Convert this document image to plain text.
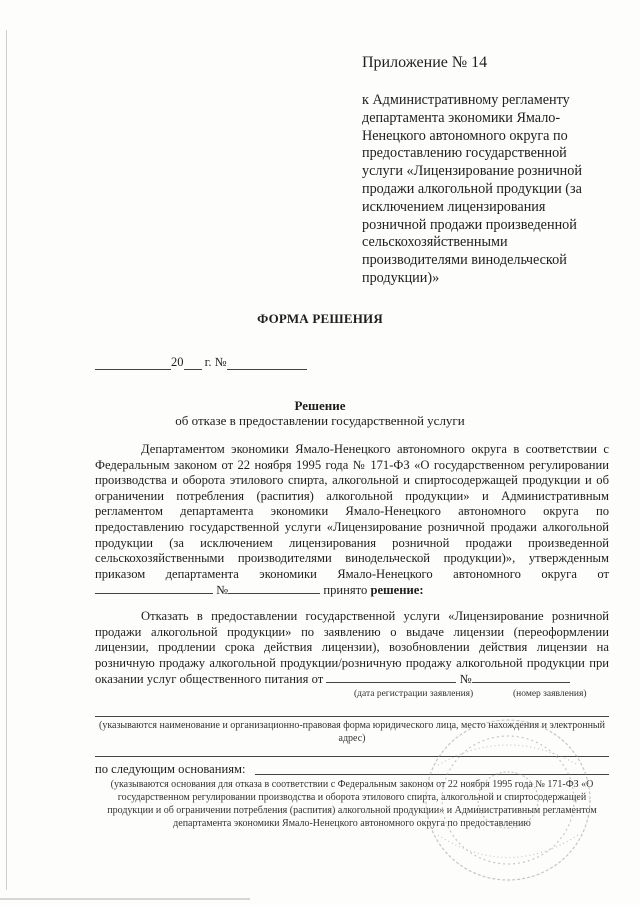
Приложение № 14
к Административному регламенту департамента экономики Ямало-Ненецкого автономного округа по предоставлению государственной услуги «Лицензирование розничной продажи алкогольной продукции (за исключением лицензирования розничной продажи произведенной сельскохозяйственными производителями винодельческой продукции)»
ФОРМА РЕШЕНИЯ
20 г. №
Решение
об отказе в предоставлении государственной услуги
Департаментом экономики Ямало-Ненецкого автономного округа в соответствии с Федеральным законом от 22 ноября 1995 года № 171-ФЗ «О государственном регулировании производства и оборота этилового спирта, алкогольной и спиртосодержащей продукции и об ограничении потребления (распития) алкогольной продукции» и Административным регламентом департамента экономики Ямало-Ненецкого автономного округа по предоставлению государственной услуги «Лицензирование розничной продажи алкогольной продукции (за исключением лицензирования розничной продажи произведенной сельскохозяйственными производителями винодельческой продукции)», утвержденным приказом департамента экономики Ямало-Ненецкого автономного округа от  №	принято решение:
Отказать в предоставлении государственной услуги «Лицензирование розничной продажи алкогольной продукции» по заявлению о выдаче лицензии (переоформлении лицензии, продлении срока действия лицензии), возобновлении действия лицензии на розничную продажу алкогольной продукции/розничную продажу алкогольной продукции при оказании услуг общественного питания от	№
(дата регистрации заявления)	(номер заявления)
(указываются наименование и организационно-правовая форма юридического лица, место нахождения и электронный адрес)
по следующим основаниям:
(указываются основания для отказа в соответствии с Федеральным законом от 22 ноября 1995 года № 171-ФЗ «О государственном регулировании производства и оборота этилового спирта, алкогольной и спиртосодержащей продукции и об ограничении потребления (распития) алкогольной продукции» и Административным регламентом департамента экономики Ямало-Ненецкого автономного округа по предоставлению
